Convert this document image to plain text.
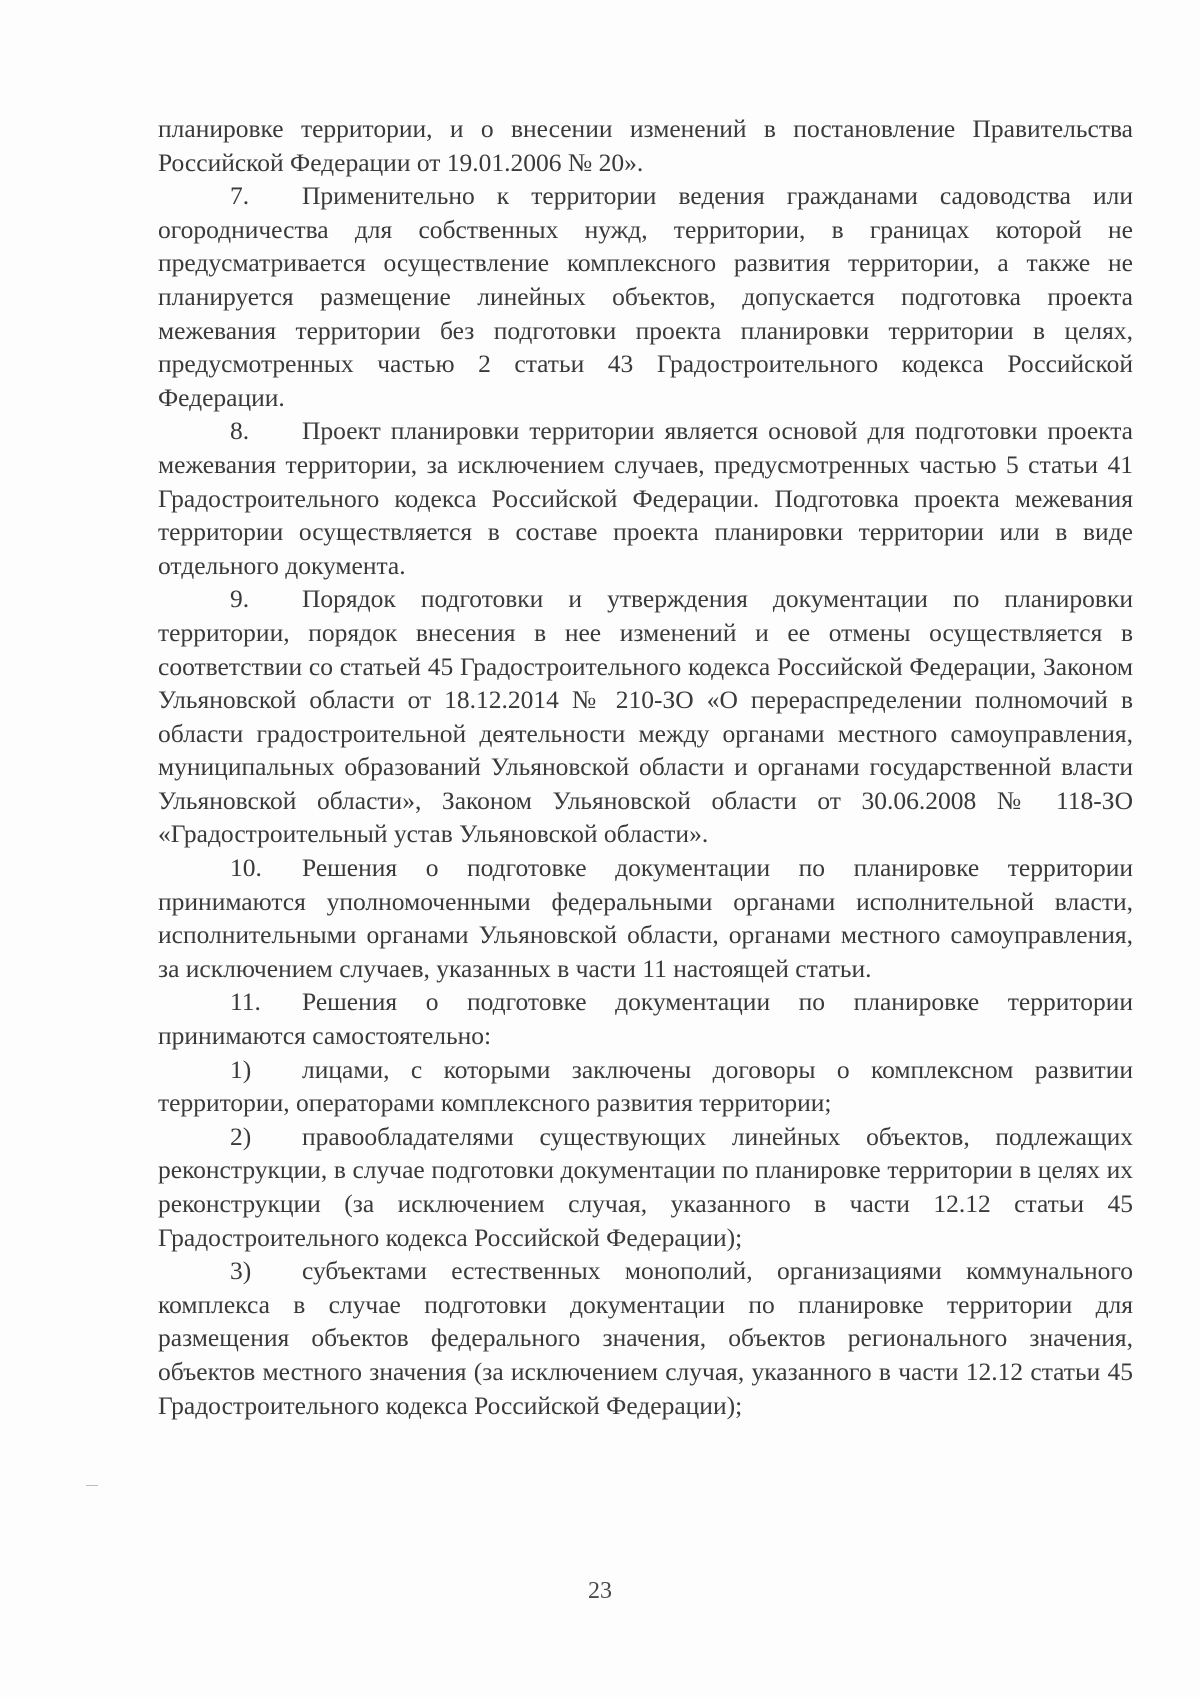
планировке территории, и о внесении изменений в постановление Правительства Российской Федерации от 19.01.2006 № 20».

7. Применительно к территории ведения гражданами садоводства или огородничества для собственных нужд, территории, в границах которой не предусматривается осуществление комплексного развития территории, а также не планируется размещение линейных объектов, допускается подготовка проекта межевания территории без подготовки проекта планировки территории в целях, предусмотренных частью 2 статьи 43 Градостроительного кодекса Российской Федерации.

8. Проект планировки территории является основой для подготовки проекта межевания территории, за исключением случаев, предусмотренных частью 5 статьи 41 Градостроительного кодекса Российской Федерации. Подготовка проекта межевания территории осуществляется в составе проекта планировки территории или в виде отдельного документа.

9. Порядок подготовки и утверждения документации по планировки территории, порядок внесения в нее изменений и ее отмены осуществляется в соответствии со статьей 45 Градостроительного кодекса Российской Федерации, Законом Ульяновской области от 18.12.2014 № 210-ЗО «О перераспределении полномочий в области градостроительной деятельности между органами местного самоуправления, муниципальных образований Ульяновской области и органами государственной власти Ульяновской области», Законом Ульяновской области от 30.06.2008 № 118-ЗО «Градостроительный устав Ульяновской области».

10. Решения о подготовке документации по планировке территории принимаются уполномоченными федеральными органами исполнительной власти, исполнительными органами Ульяновской области, органами местного самоуправления, за исключением случаев, указанных в части 11 настоящей статьи.

11. Решения о подготовке документации по планировке территории принимаются самостоятельно:

1) лицами, с которыми заключены договоры о комплексном развитии территории, операторами комплексного развития территории;

2) правообладателями существующих линейных объектов, подлежащих реконструкции, в случае подготовки документации по планировке территории в целях их реконструкции (за исключением случая, указанного в части 12.12 статьи 45 Градостроительного кодекса Российской Федерации);

3) субъектами естественных монополий, организациями коммунального комплекса в случае подготовки документации по планировке территории для размещения объектов федерального значения, объектов регионального значения, объектов местного значения (за исключением случая, указанного в части 12.12 статьи 45 Градостроительного кодекса Российской Федерации);

23
